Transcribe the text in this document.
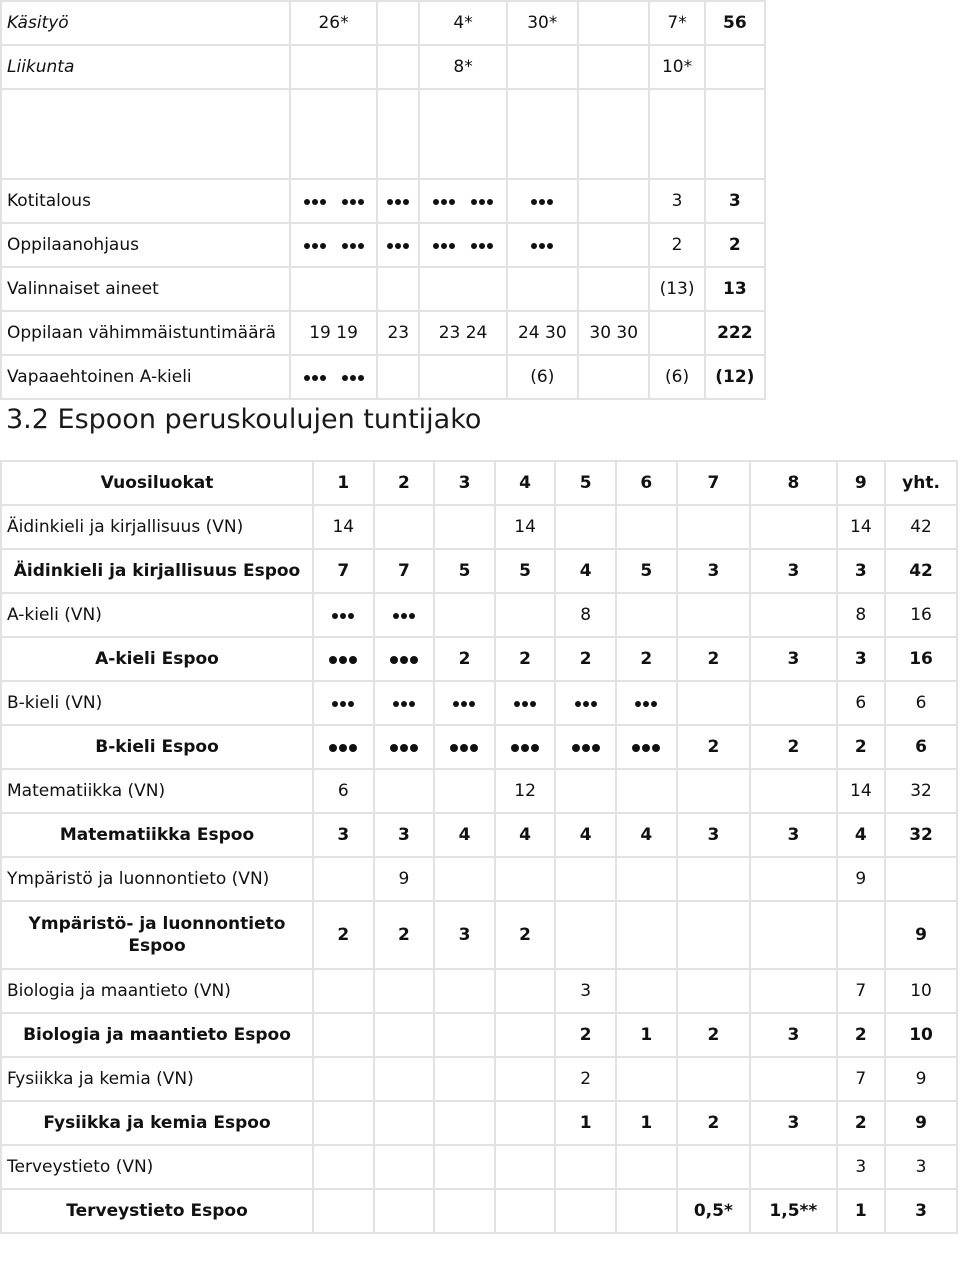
Käsityö	26*		4*	30*		7*	56
Liikunta			8*			10*	

Kotitalous						3	3
Oppilaanohjaus						2	2
Valinnaiset aineet						(13)	13
Oppilaan vähimmäistuntimäärä	19 19	23	23 24	24 30	30 30		222
Vapaaehtoinen A-kieli				(6)		(6)	(12)
3.2 Espoon peruskoulujen tuntijako
Vuosiluokat	1	2	3	4	5	6	7	8	9	yht.
Äidinkieli ja kirjallisuus (VN)	14			14					14	42
Äidinkieli ja kirjallisuus Espoo	7	7	5	5	4	5	3	3	3	42
A-kieli (VN)					8				8	16
A-kieli Espoo			2	2	2	2	2	3	3	16
B-kieli (VN)									6	6
B-kieli Espoo							2	2	2	6
Matematiikka (VN)	6			12					14	32
Matematiikka Espoo	3	3	4	4	4	4	3	3	4	32
Ympäristö ja luonnontieto (VN)		9							9	
Ympäristö- ja luonnontieto Espoo	2	2	3	2						9
Biologia ja maantieto (VN)					3				7	10
Biologia ja maantieto Espoo					2	1	2	3	2	10
Fysiikka ja kemia (VN)					2				7	9
Fysiikka ja kemia Espoo					1	1	2	3	2	9
Terveystieto (VN)									3	3
Terveystieto Espoo							0,5*	1,5**	1	3
